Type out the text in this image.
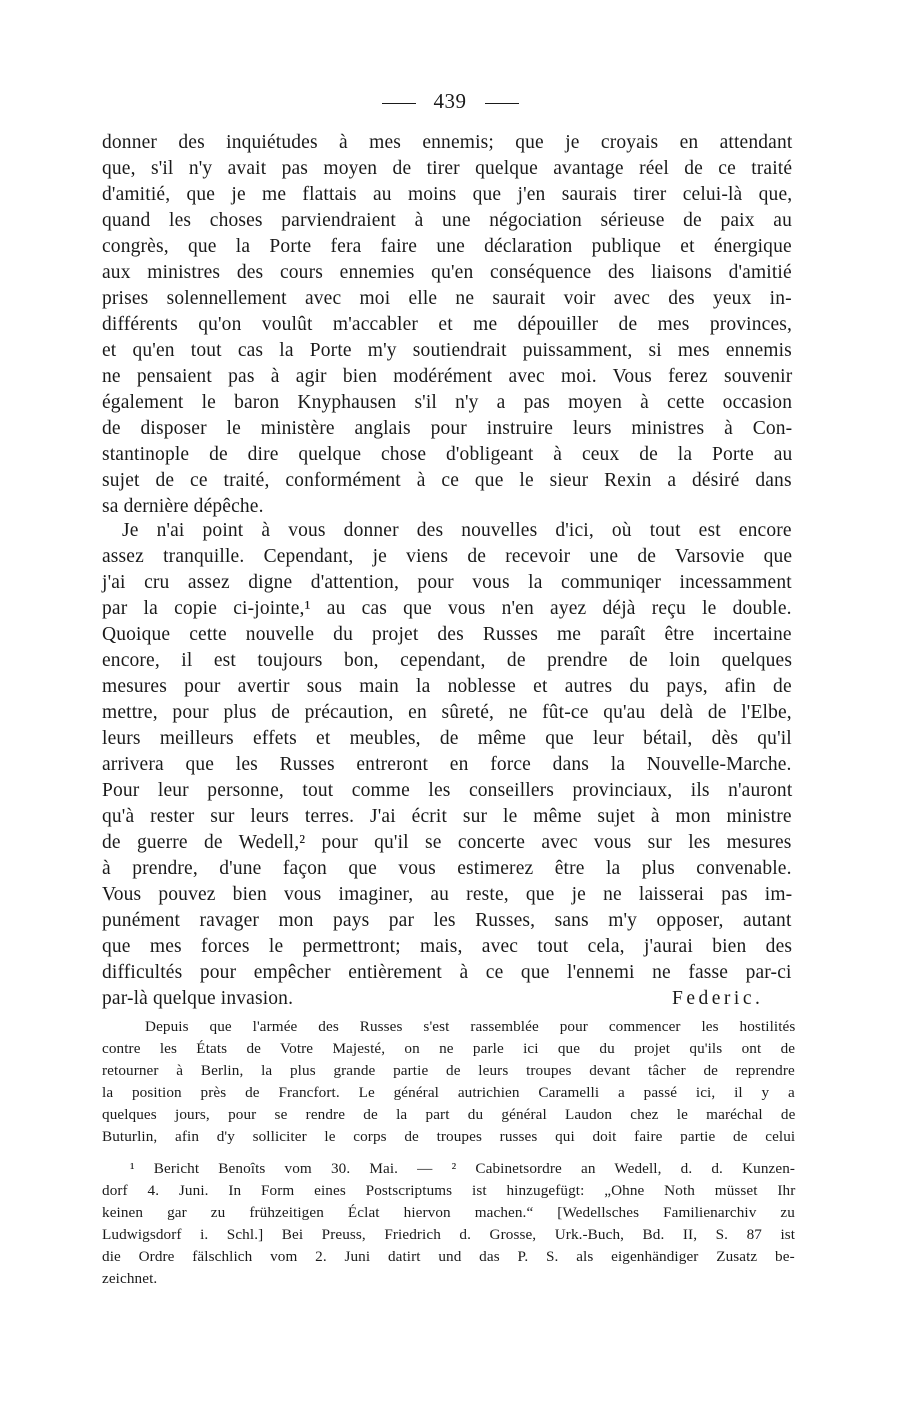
439
donner des inquiétudes à mes ennemis; que je croyais en attendant
que, s'il n'y avait pas moyen de tirer quelque avantage réel de ce traité
d'amitié, que je me flattais au moins que j'en saurais tirer celui-là que,
quand les choses parviendraient à une négociation sérieuse de paix au
congrès, que la Porte fera faire une déclaration publique et énergique
aux ministres des cours ennemies qu'en conséquence des liaisons d'amitié
prises solennellement avec moi elle ne saurait voir avec des yeux in-
différents qu'on voulût m'accabler et me dépouiller de mes provinces,
et qu'en tout cas la Porte m'y soutiendrait puissamment, si mes ennemis
ne pensaient pas à agir bien modérément avec moi. Vous ferez souvenir
également le baron Knyphausen s'il n'y a pas moyen à cette occasion
de disposer le ministère anglais pour instruire leurs ministres à Con-
stantinople de dire quelque chose d'obligeant à ceux de la Porte au
sujet de ce traité, conformément à ce que le sieur Rexin a désiré dans
sa dernière dépêche.
Je n'ai point à vous donner des nouvelles d'ici, où tout est encore
assez tranquille. Cependant, je viens de recevoir une de Varsovie que
j'ai cru assez digne d'attention, pour vous la communiqer incessamment
par la copie ci-jointe,¹ au cas que vous n'en ayez déjà reçu le double.
Quoique cette nouvelle du projet des Russes me paraît être incertaine
encore, il est toujours bon, cependant, de prendre de loin quelques
mesures pour avertir sous main la noblesse et autres du pays, afin de
mettre, pour plus de précaution, en sûreté, ne fût-ce qu'au delà de l'Elbe,
leurs meilleurs effets et meubles, de même que leur bétail, dès qu'il
arrivera que les Russes entreront en force dans la Nouvelle-Marche.
Pour leur personne, tout comme les conseillers provinciaux, ils n'auront
qu'à rester sur leurs terres. J'ai écrit sur le même sujet à mon ministre
de guerre de Wedell,² pour qu'il se concerte avec vous sur les mesures
à prendre, d'une façon que vous estimerez être la plus convenable.
Vous pouvez bien vous imaginer, au reste, que je ne laisserai pas im-
punément ravager mon pays par les Russes, sans m'y opposer, autant
que mes forces le permettront; mais, avec tout cela, j'aurai bien des
difficultés pour empêcher entièrement à ce que l'ennemi ne fasse par-ci
par-là quelque invasion.	Federic.
Depuis que l'armée des Russes s'est rassemblée pour commencer les hostilités
contre les États de Votre Majesté, on ne parle ici que du projet qu'ils ont de
retourner à Berlin, la plus grande partie de leurs troupes devant tâcher de reprendre
la position près de Francfort. Le général autrichien Caramelli a passé ici, il y a
quelques jours, pour se rendre de la part du général Laudon chez le maréchal de
Buturlin, afin d'y solliciter le corps de troupes russes qui doit faire partie de celui
¹ Bericht Benoîts vom 30. Mai. — ² Cabinetsordre an Wedell, d. d. Kunzen-
dorf 4. Juni. In Form eines Postscriptums ist hinzugefügt: „Ohne Noth müsset Ihr
keinen gar zu frühzeitigen Éclat hiervon machen.“ [Wedellsches Familienarchiv zu
Ludwigsdorf i. Schl.] Bei Preuss, Friedrich d. Grosse, Urk.-Buch, Bd. II, S. 87 ist
die Ordre fälschlich vom 2. Juni datirt und das P. S. als eigenhändiger Zusatz be-
zeichnet.
